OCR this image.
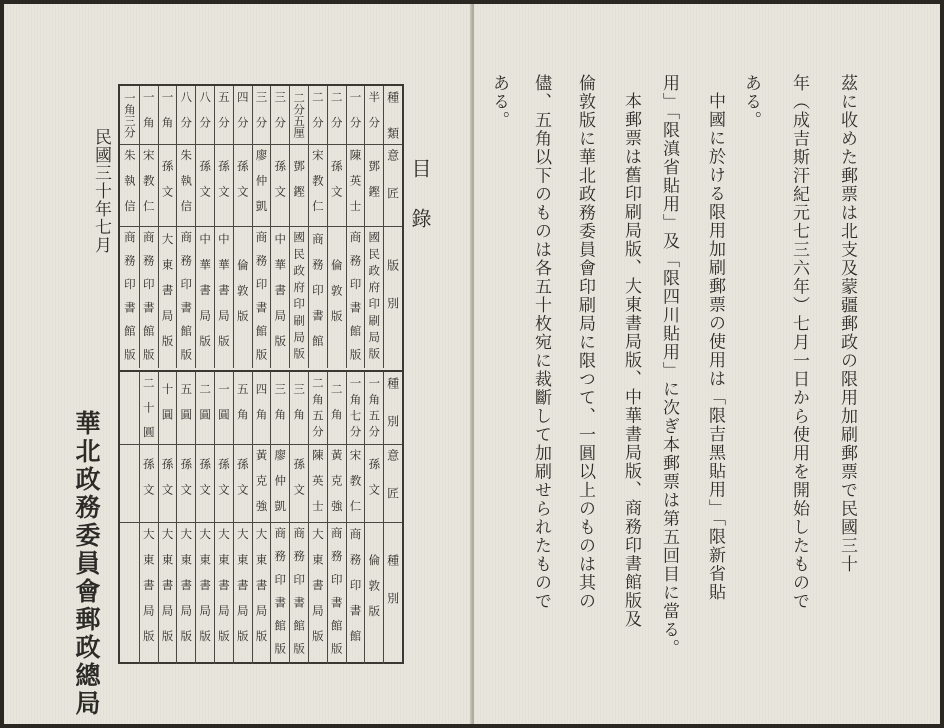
茲に收めた郵票は北支及蒙疆郵政の限用加刷郵票で民國三十
年（成吉斯汗紀元七三六年）七月一日から使用を開始したもので
ある。
中國に於ける限用加刷郵票の使用は「限吉黑貼用」「限新省貼
用」「限滇省貼用」及「限四川貼用」に次ぎ本郵票は第五回目に當る。
本郵票は舊印刷局版、大東書局版、中華書局版、商務印書館版及
倫敦版に華北政務委員會印刷局に限つて、一圓以上のものは其の
儘、五角以下のものは各五十枚宛に裁斷して加刷せられたもので
ある。
目錄
種類
意匠
版別
半分
鄧鏗
國民政府印刷局版
一分
陳英士
商務印書館版
二分
孫文
倫敦版
二分
宋教仁
商務印書館
二分五厘
鄧鏗
國民政府印刷局版
三分
孫文
中華書局版
三分
廖仲凱
商務印書館版
四分
孫文
倫敦版
五分
孫文
中華書局版
八分
孫文
中華書局版
八分
朱執信
商務印書館版
一角
孫文
大東書局版
一角
宋教仁
商務印書館版
一角三分
朱執信
商務印書館版
種別
意匠
種別
一角五分
孫文
倫敦版
一角七分
宋教仁
商務印書館
二角
黃克強
商務印書館版
二角五分
陳英士
大東書局版
三角
孫文
商務印書館版
三角
廖仲凱
商務印書館版
四角
黃克強
大東書局版
五角
孫文
大東書局版
一圓
孫文
大東書局版
二圓
孫文
大東書局版
五圓
孫文
大東書局版
十圓
孫文
大東書局版
二十圓
孫文
大東書局版
民國三十年七月
華北政務委員會郵政總局
